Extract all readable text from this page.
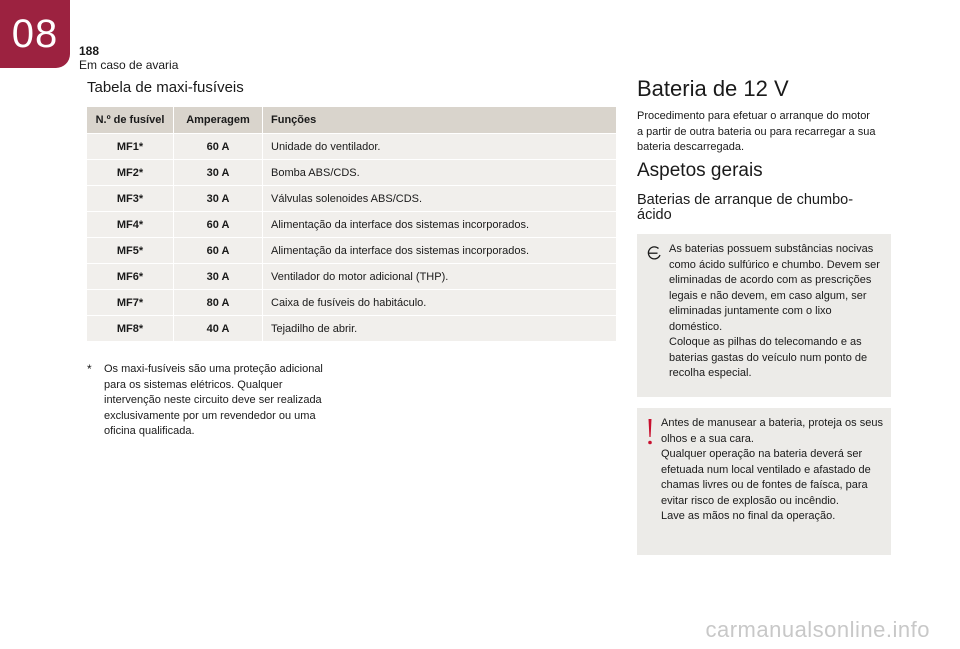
08	188
Em caso de avaria
Tabela de maxi-fusíveis
N.º de fusível	Amperagem	Funções
MF1*	60 A	Unidade do ventilador.
MF2*	30 A	Bomba ABS/CDS.
MF3*	30 A	Válvulas solenoides ABS/CDS.
MF4*	60 A	Alimentação da interface dos sistemas incorporados.
MF5*	60 A	Alimentação da interface dos sistemas incorporados.
MF6*	30 A	Ventilador do motor adicional (THP).
MF7*	80 A	Caixa de fusíveis do habitáculo.
MF8*	40 A	Tejadilho de abrir.
* Os maxi-fusíveis são uma proteção adicional para os sistemas elétricos. Qualquer intervenção neste circuito deve ser realizada exclusivamente por um revendedor ou uma oficina qualificada.
Bateria de 12 V

Procedimento para efetuar o arranque do motor a partir de outra bateria ou para recarregar a sua bateria descarregada.

Aspetos gerais
Baterias de arranque de chumbo-ácido

As baterias possuem substâncias nocivas como ácido sulfúrico e chumbo. Devem ser eliminadas de acordo com as prescrições legais e não devem, em caso algum, ser eliminadas juntamente com o lixo doméstico.
Coloque as pilhas do telecomando e as baterias gastas do veículo num ponto de recolha especial.

Antes de manusear a bateria, proteja os seus olhos e a sua cara.
Qualquer operação na bateria deverá ser efetuada num local ventilado e afastado de chamas livres ou de fontes de faísca, para evitar risco de explosão ou incêndio.
Lave as mãos no final da operação.

carmanualsonline.info
